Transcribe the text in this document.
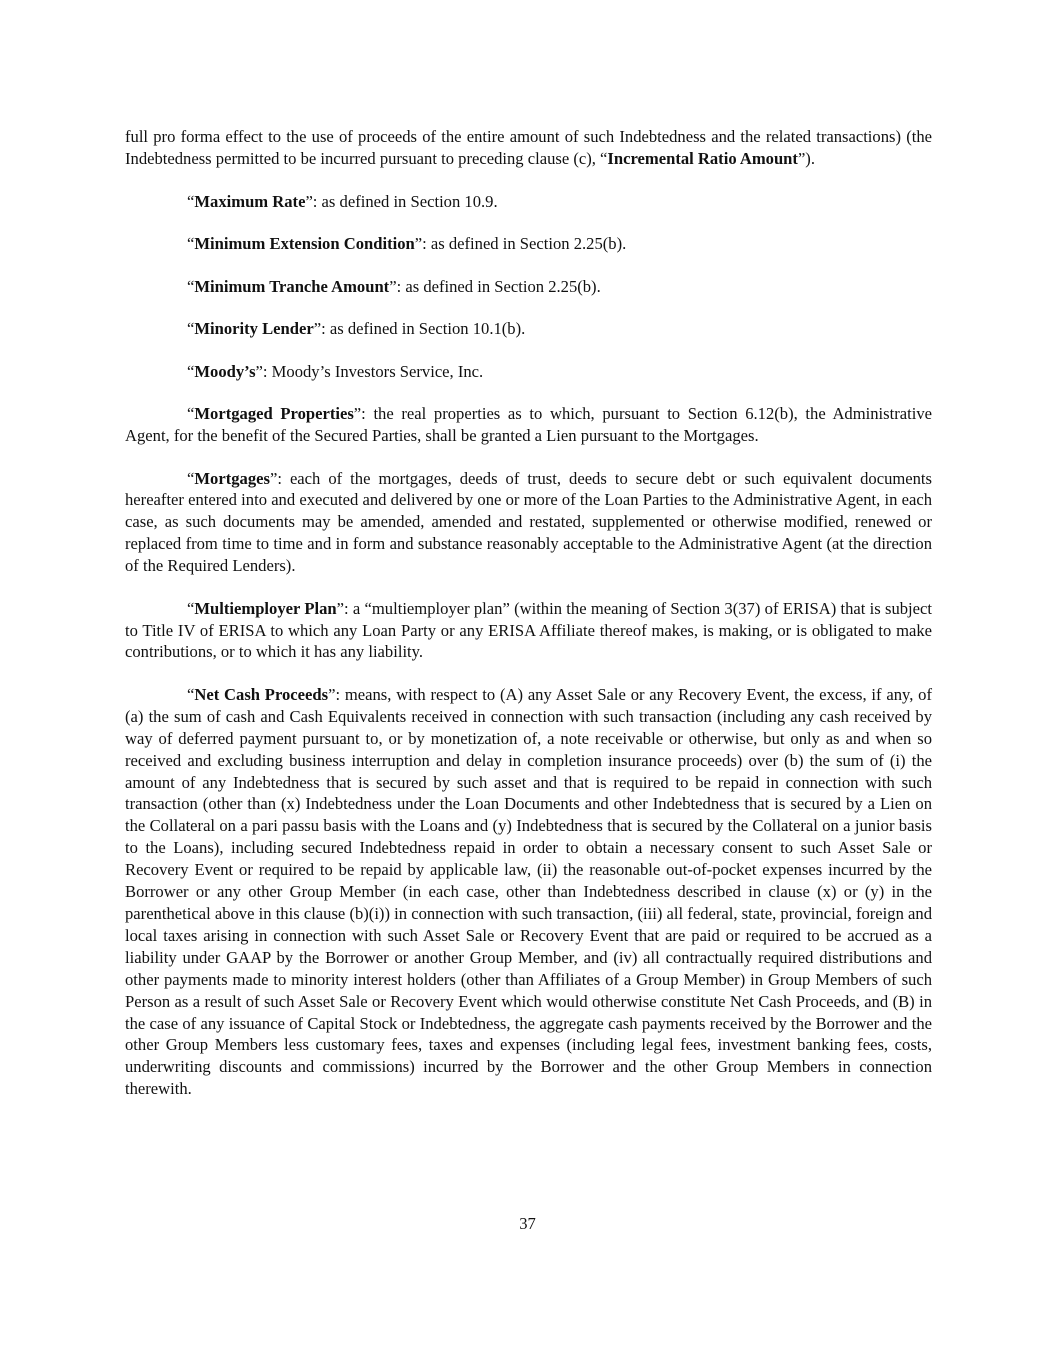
full pro forma effect to the use of proceeds of the entire amount of such Indebtedness and the related transactions) (the Indebtedness permitted to be incurred pursuant to preceding clause (c), “Incremental Ratio Amount”).

“Maximum Rate”: as defined in Section 10.9.

“Minimum Extension Condition”: as defined in Section 2.25(b).

“Minimum Tranche Amount”: as defined in Section 2.25(b).

“Minority Lender”: as defined in Section 10.1(b).

“Moody’s”: Moody’s Investors Service, Inc.

“Mortgaged Properties”: the real properties as to which, pursuant to Section 6.12(b), the Administrative Agent, for the benefit of the Secured Parties, shall be granted a Lien pursuant to the Mortgages.

“Mortgages”: each of the mortgages, deeds of trust, deeds to secure debt or such equivalent documents hereafter entered into and executed and delivered by one or more of the Loan Parties to the Administrative Agent, in each case, as such documents may be amended, amended and restated, supplemented or otherwise modified, renewed or replaced from time to time and in form and substance reasonably acceptable to the Administrative Agent (at the direction of the Required Lenders).

“Multiemployer Plan”: a “multiemployer plan” (within the meaning of Section 3(37) of ERISA) that is subject to Title IV of ERISA to which any Loan Party or any ERISA Affiliate thereof makes, is making, or is obligated to make contributions, or to which it has any liability.

“Net Cash Proceeds”: means, with respect to (A) any Asset Sale or any Recovery Event, the excess, if any, of (a) the sum of cash and Cash Equivalents received in connection with such transaction (including any cash received by way of deferred payment pursuant to, or by monetization of, a note receivable or otherwise, but only as and when so received and excluding business interruption and delay in completion insurance proceeds) over (b) the sum of (i) the amount of any Indebtedness that is secured by such asset and that is required to be repaid in connection with such transaction (other than (x) Indebtedness under the Loan Documents and other Indebtedness that is secured by a Lien on the Collateral on a pari passu basis with the Loans and (y) Indebtedness that is secured by the Collateral on a junior basis to the Loans), including secured Indebtedness repaid in order to obtain a necessary consent to such Asset Sale or Recovery Event or required to be repaid by applicable law, (ii) the reasonable out-of-pocket expenses incurred by the Borrower or any other Group Member (in each case, other than Indebtedness described in clause (x) or (y) in the parenthetical above in this clause (b)(i)) in connection with such transaction, (iii) all federal, state, provincial, foreign and local taxes arising in connection with such Asset Sale or Recovery Event that are paid or required to be accrued as a liability under GAAP by the Borrower or another Group Member, and (iv) all contractually required distributions and other payments made to minority interest holders (other than Affiliates of a Group Member) in Group Members of such Person as a result of such Asset Sale or Recovery Event which would otherwise constitute Net Cash Proceeds, and (B) in the case of any issuance of Capital Stock or Indebtedness, the aggregate cash payments received by the Borrower and the other Group Members less customary fees, taxes and expenses (including legal fees, investment banking fees, costs, underwriting discounts and commissions) incurred by the Borrower and the other Group Members in connection therewith.

37
